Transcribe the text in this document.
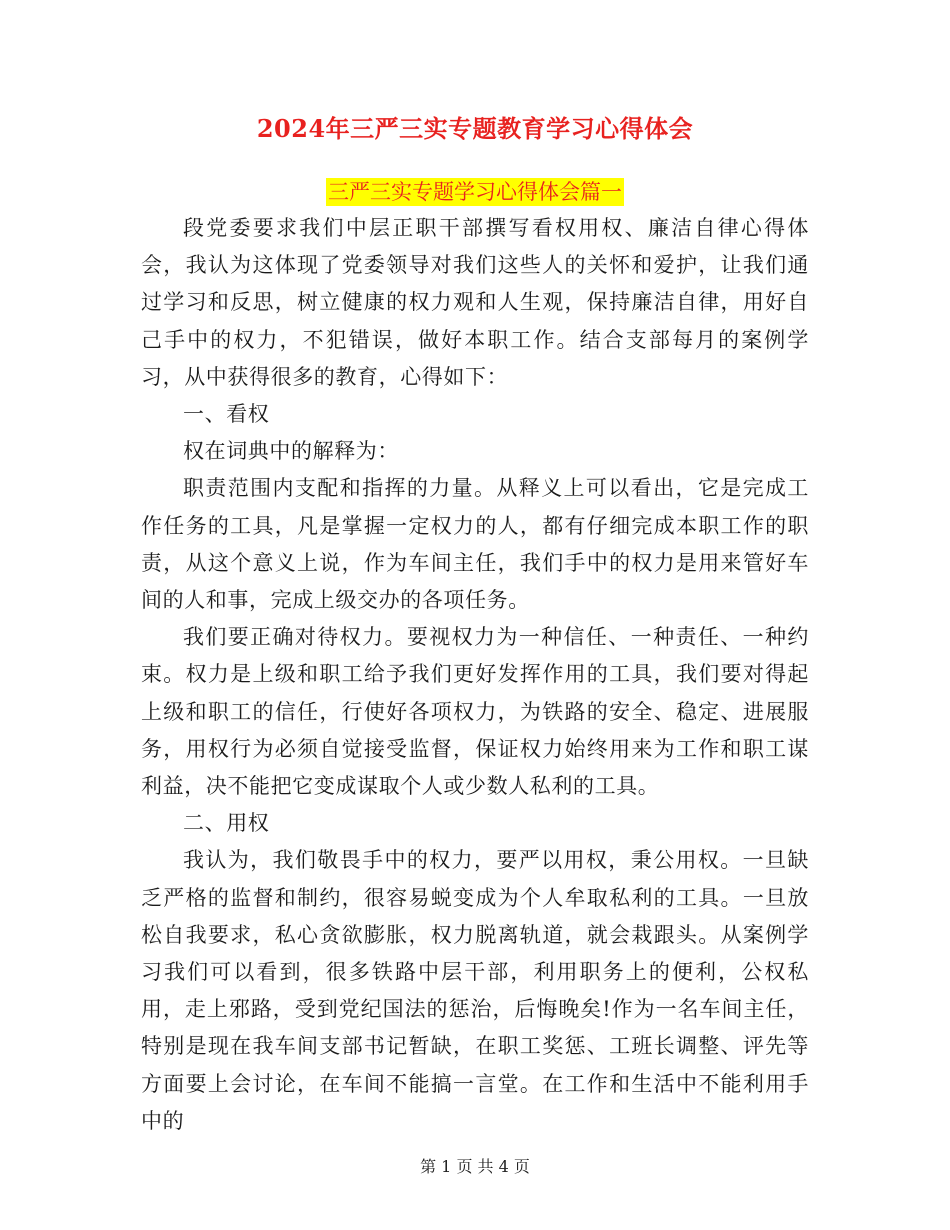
2024年三严三实专题教育学习心得体会
三严三实专题学习心得体会篇一

段党委要求我们中层正职干部撰写看权用权、廉洁自律心得体会，我认为这体现了党委领导对我们这些人的关怀和爱护，让我们通过学习和反思，树立健康的权力观和人生观，保持廉洁自律，用好自己手中的权力，不犯错误，做好本职工作。结合支部每月的案例学习，从中获得很多的教育，心得如下：

一、看权

权在词典中的解释为：

职责范围内支配和指挥的力量。从释义上可以看出，它是完成工作任务的工具，凡是掌握一定权力的人，都有仔细完成本职工作的职责，从这个意义上说，作为车间主任，我们手中的权力是用来管好车间的人和事，完成上级交办的各项任务。

我们要正确对待权力。要视权力为一种信任、一种责任、一种约束。权力是上级和职工给予我们更好发挥作用的工具，我们要对得起上级和职工的信任，行使好各项权力，为铁路的安全、稳定、进展服务，用权行为必须自觉接受监督，保证权力始终用来为工作和职工谋利益，决不能把它变成谋取个人或少数人私利的工具。

二、用权

我认为，我们敬畏手中的权力，要严以用权，秉公用权。一旦缺乏严格的监督和制约，很容易蜕变成为个人牟取私利的工具。一旦放松自我要求，私心贪欲膨胀，权力脱离轨道，就会栽跟头。从案例学习我们可以看到，很多铁路中层干部，利用职务上的便利，公权私用，走上邪路，受到党纪国法的惩治，后悔晚矣!作为一名车间主任，特别是现在我车间支部书记暂缺，在职工奖惩、工班长调整、评先等方面要上会讨论，在车间不能搞一言堂。在工作和生活中不能利用手中的

第 1 页 共 4 页
